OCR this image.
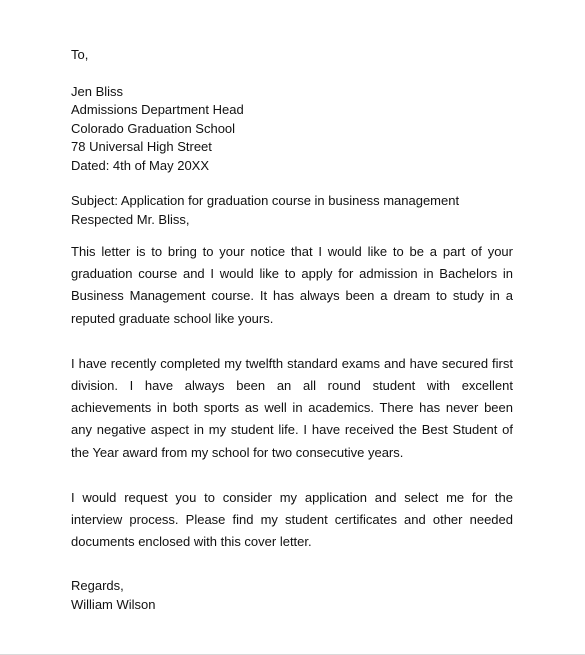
To,
Jen Bliss
Admissions Department Head
Colorado Graduation School
78 Universal High Street
Dated: 4th of May 20XX
Subject: Application for graduation course in business management
Respected Mr. Bliss,

This letter is to bring to your notice that I would like to be a part of your graduation course and I would like to apply for admission in Bachelors in Business Management course. It has always been a dream to study in a reputed graduate school like yours.

I have recently completed my twelfth standard exams and have secured first division. I have always been an all round student with excellent achievements in both sports as well in academics. There has never been any negative aspect in my student life. I have received the Best Student of the Year award from my school for two consecutive years.

I would request you to consider my application and select me for the interview process. Please find my student certificates and other needed documents enclosed with this cover letter.

Regards,
William Wilson
